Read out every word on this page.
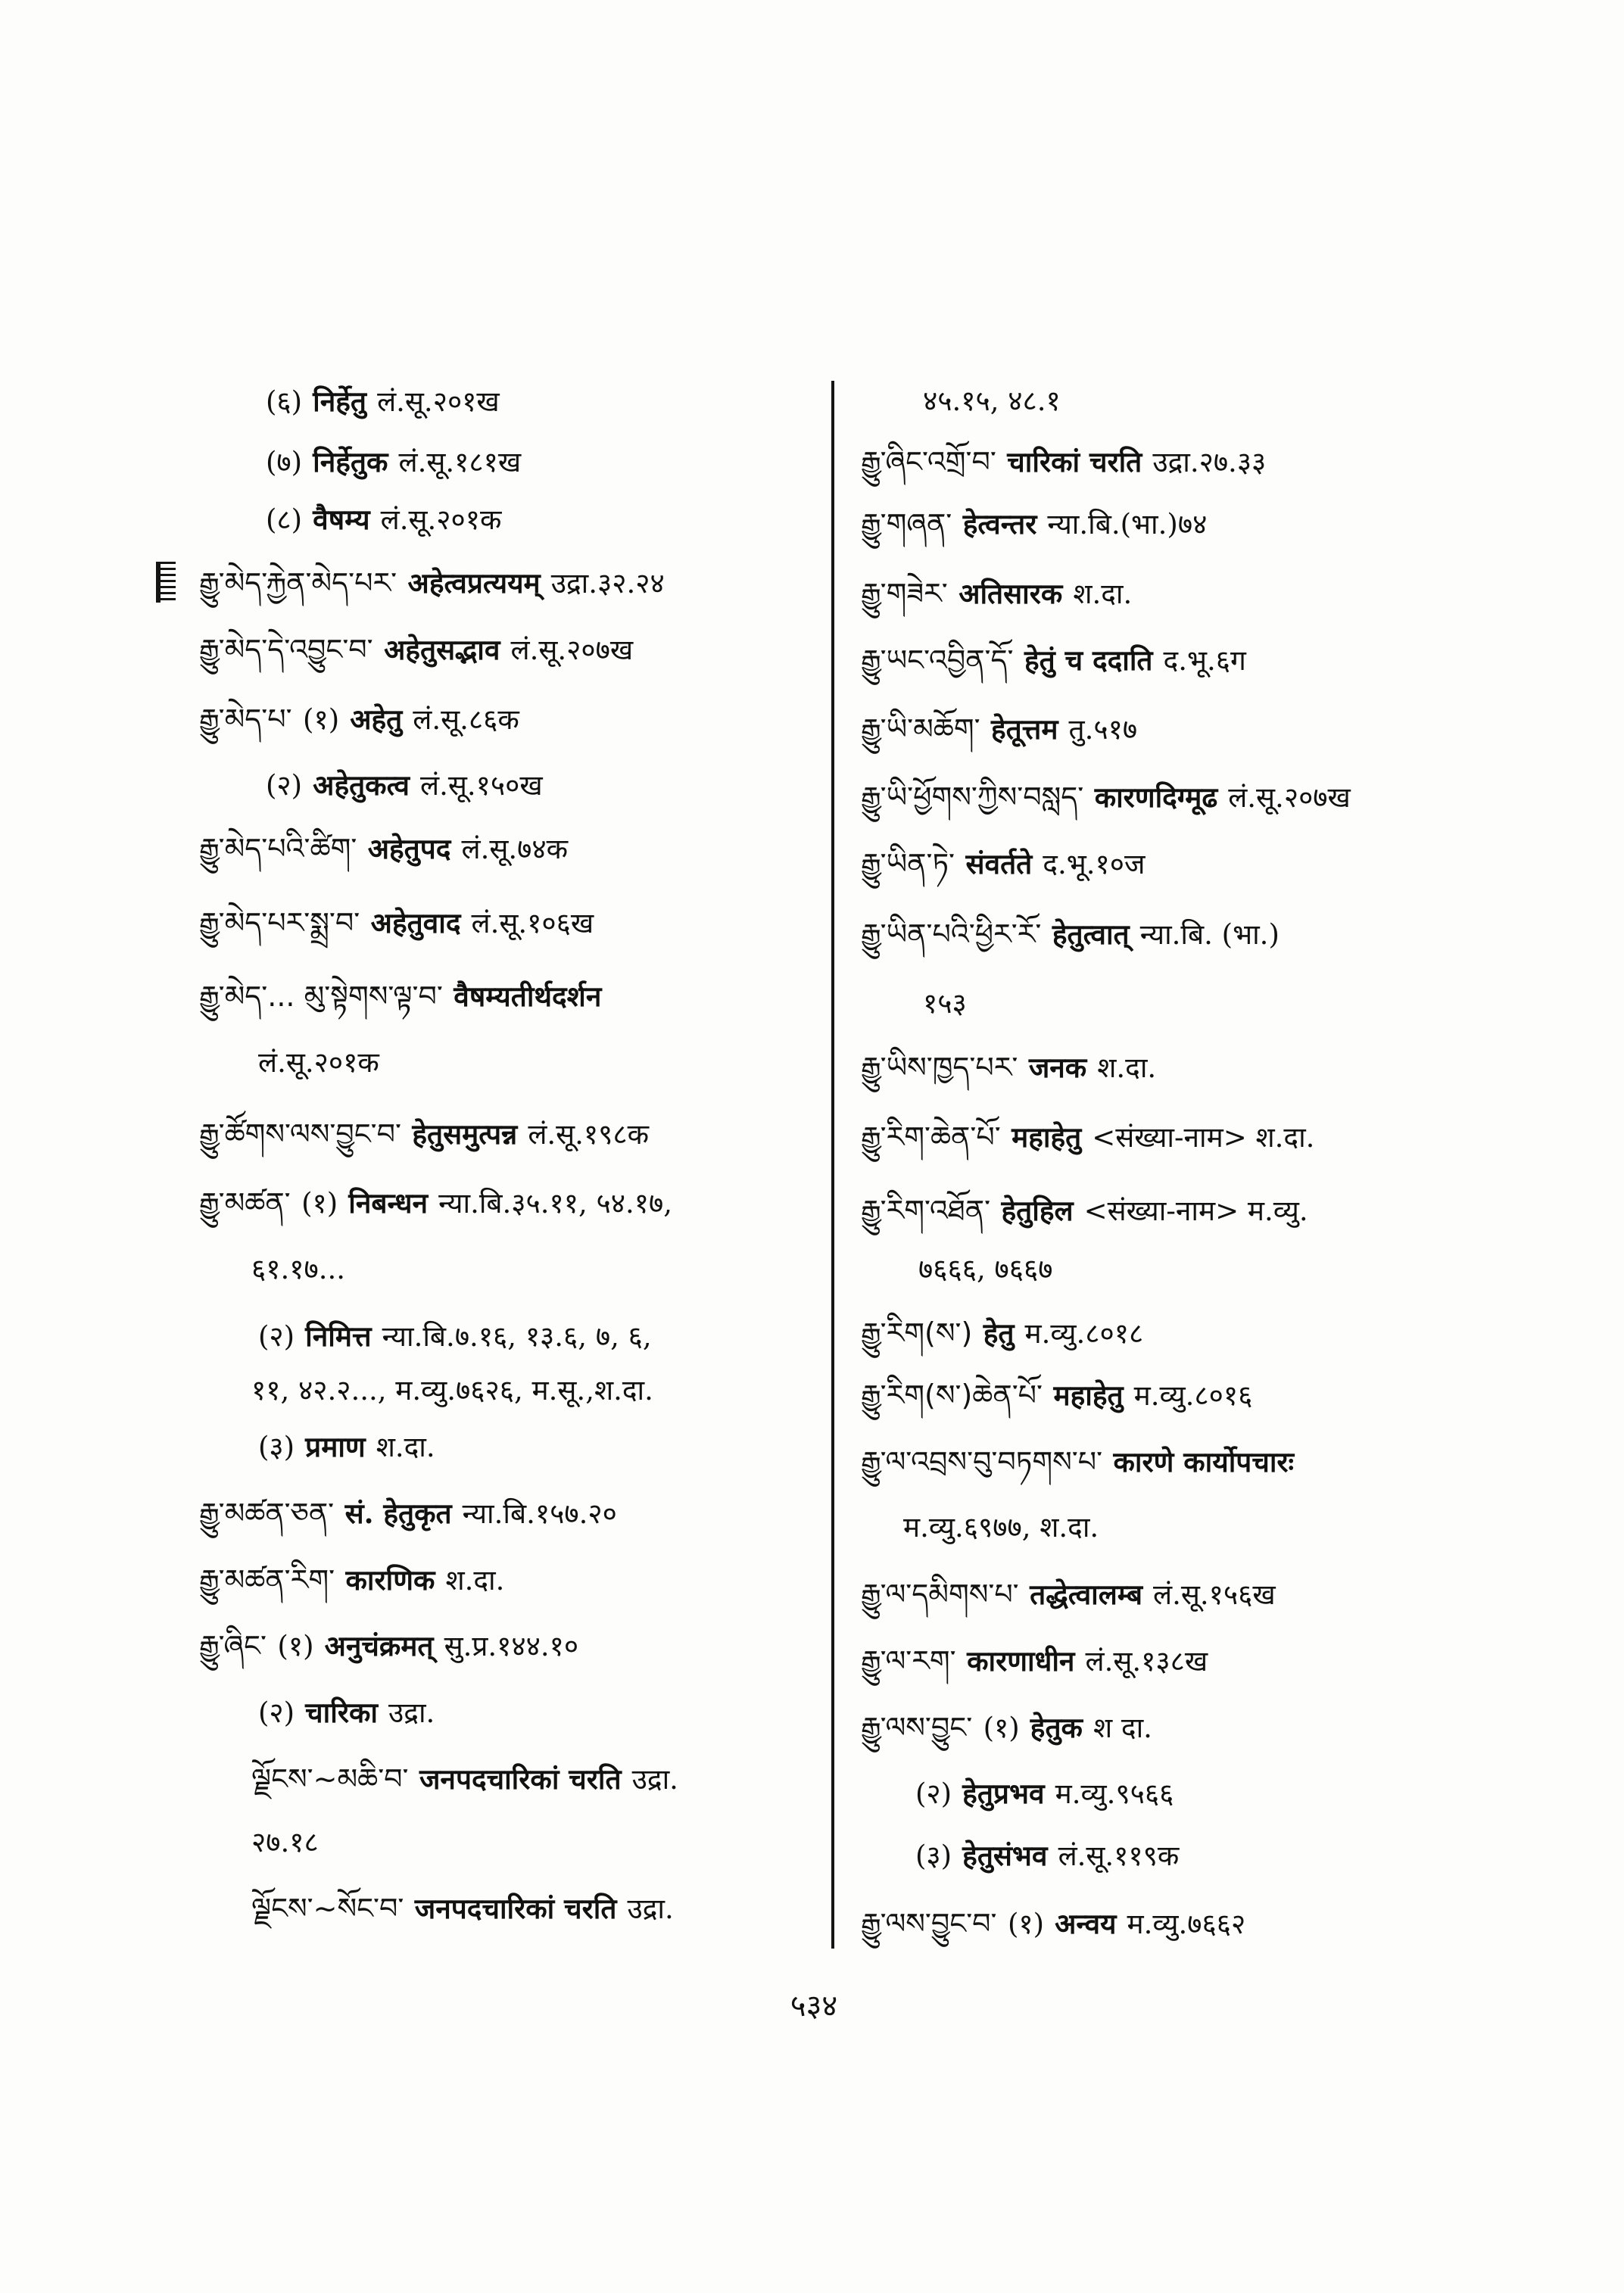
(६) निर्हेतु लं.सू.२०१ख
(७) निर्हेतुक लं.सू.१८१ख
(८) वैषम्य लं.सू.२०१क
རྒྱུ་མེད་རྐྱེན་མེད་པར་ अहेत्वप्रत्ययम् उद्रा.३२.२४
རྒྱུ་མེད་དེ་འབྱུང་བ་ अहेतुसद्भाव लं.सू.२०७ख
རྒྱུ་མེད་པ་ (१) अहेतु लं.सू.८६क
(२) अहेतुकत्व लं.सू.१५०ख
རྒྱུ་མེད་པའི་ཚིག་ अहेतुपद लं.सू.७४क
རྒྱུ་མེད་པར་སྨྲ་བ་ अहेतुवाद लं.सू.१०६ख
རྒྱུ་མེད་... མུ་སྟེགས་ལྟ་བ་ वैषम्यतीर्थदर्शन
लं.सू.२०१क
རྒྱུ་ཚོགས་ལས་བྱུང་བ་ हेतुसमुत्पन्न लं.सू.१९८क
རྒྱུ་མཚན་ (१) निबन्धन न्या.बि.३५.११, ५४.१७,
६१.१७...
(२) निमित्त न्या.बि.७.१६, १३.६, ७, ६,
११, ४२.२..., म.व्यु.७६२६, म.सू.,श.दा.
(३) प्रमाण श.दा.
རྒྱུ་མཚན་ཅན་ सं. हेतुकृत न्या.बि.१५७.२०
རྒྱུ་མཚན་རིག་ कारणिक श.दा.
རྒྱུ་ཞིང་ (१) अनुचंक्रमत् सु.प्र.१४४.१०
(२) चारिका उद्रा.
ལྗོངས་~མཆི་བ་ जनपदचारिकां चरति उद्रा.
२७.१८
ལྗོངས་~སོང་བ་ जनपदचारिकां चरति उद्रा.
४५.१५, ४८.१
རྒྱུ་ཞིང་འགྲོ་བ་ चारिकां चरति उद्रा.२७.३३
རྒྱུ་གཞན་ हेत्वन्तर न्या.बि.(भा.)७४
རྒྱུ་གཟེར་ अतिसारक श.दा.
རྒྱུ་ཡང་འབྱིན་དོ་ हेतुं च ददाति द.भू.६ग
རྒྱུ་ཡི་མཆོག་ हेतूत्तम तु.५१७
རྒྱུ་ཡི་ཕྱོགས་ཀྱིས་བསླད་ कारणदिग्मूढ लं.सू.२०७ख
རྒྱུ་ཡིན་ཏེ་ संवर्तते द.भू.१०ज
རྒྱུ་ཡིན་པའི་ཕྱིར་རོ་ हेतुत्वात् न्या.बि. (भा.)
१५३
རྒྱུ་ཡིས་ཁྱད་པར་ जनक श.दा.
རྒྱུ་རིག་ཆེན་པོ་ महाहेतु <संख्या-नाम> श.दा.
རྒྱུ་རིག་འཐོན་ हेतुहिल <संख्या-नाम> म.व्यु.
७६६६, ७६६७
རྒྱུ་རིག(ས་) हेतु म.व्यु.८०१८
རྒྱུ་རིག(ས་)ཆེན་པོ་ महाहेतु म.व्यु.८०१६
རྒྱུ་ལ་འབྲས་བུ་བཏགས་པ་ कारणे कार्योपचारः
म.व्यु.६९७७, श.दा.
རྒྱུ་ལ་དམིགས་པ་ तद्धेत्वालम्ब लं.सू.१५६ख
རྒྱུ་ལ་རག་ कारणाधीन लं.सू.१३८ख
རྒྱུ་ལས་བྱུང་ (१) हेतुक श दा.
(२) हेतुप्रभव म.व्यु.९५६६
(३) हेतुसंभव लं.सू.११९क
རྒྱུ་ལས་བྱུང་བ་ (१) अन्वय म.व्यु.७६६२
५३४
